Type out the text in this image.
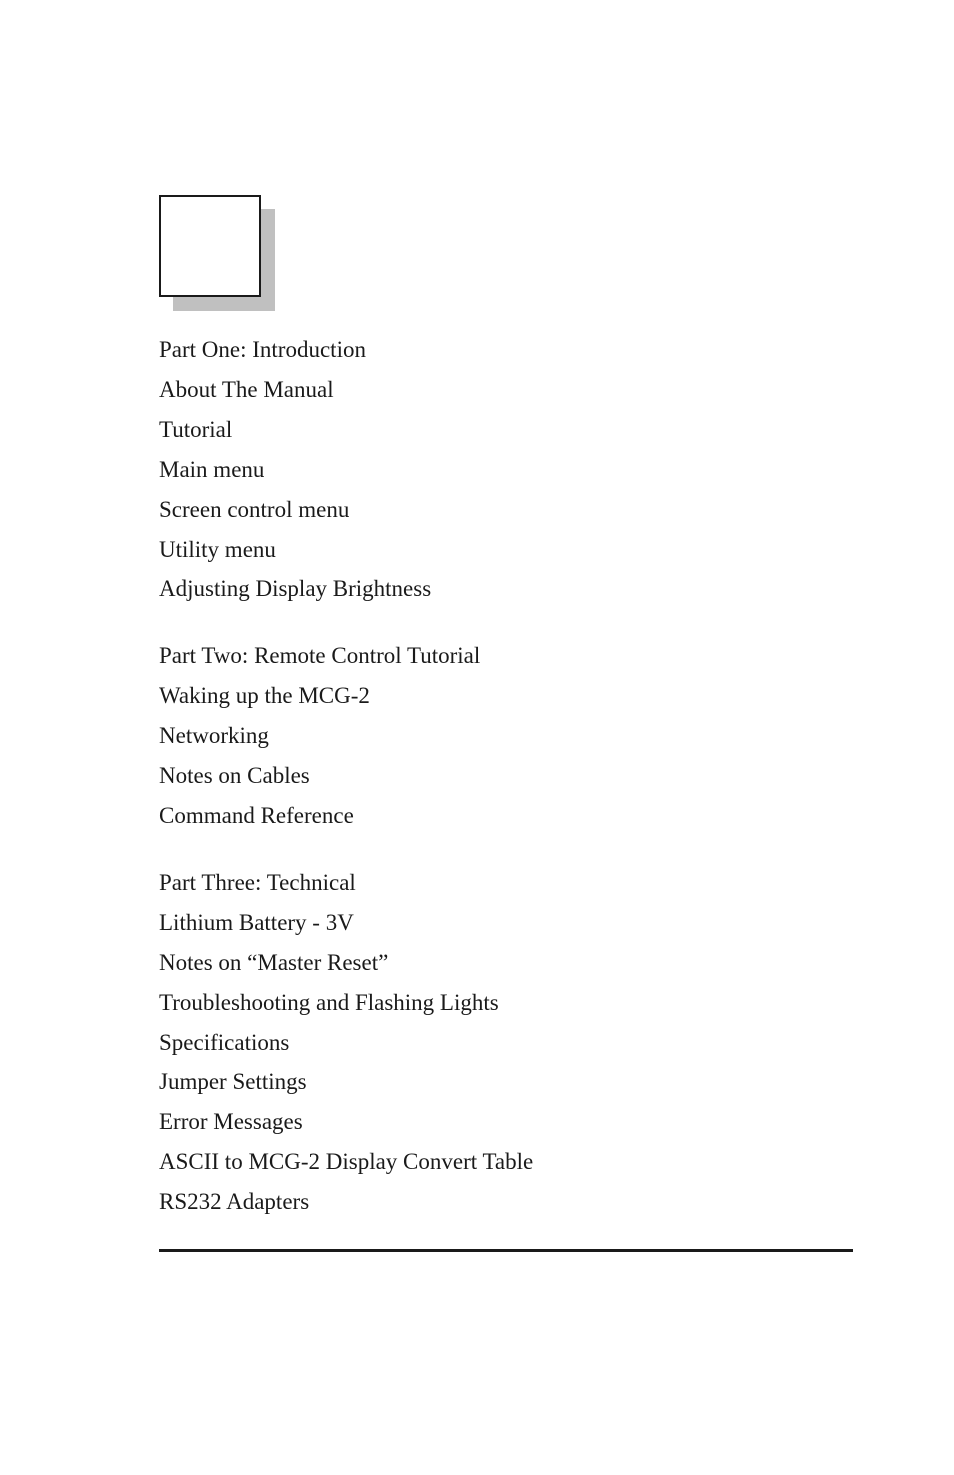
Part One: Introduction
About The Manual
Tutorial
Main menu
Screen control menu
Utility menu
Adjusting Display Brightness
Part Two: Remote Control Tutorial
Waking up the MCG-2
Networking
Notes on Cables
Command Reference
Part Three: Technical
Lithium Battery - 3V
Notes on “Master Reset”
Troubleshooting and Flashing Lights
Specifications
Jumper Settings
Error Messages
ASCII to MCG-2 Display Convert Table
RS232 Adapters
